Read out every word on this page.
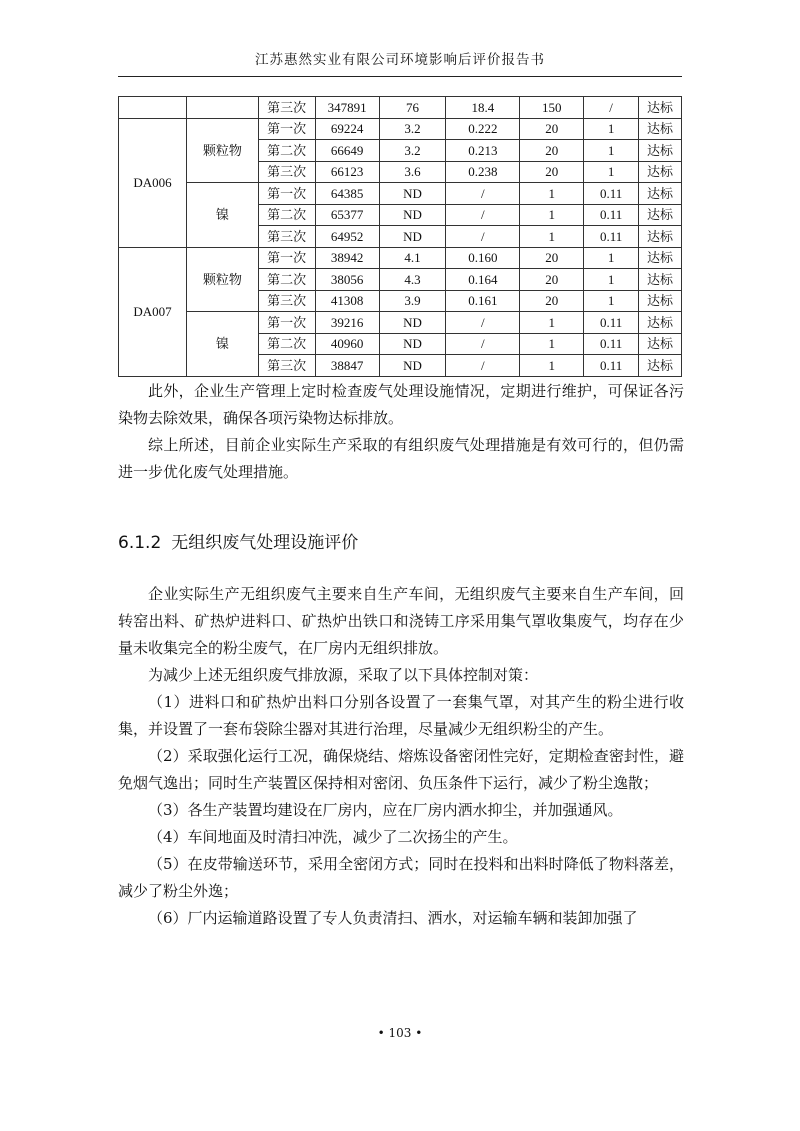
江苏惠然实业有限公司环境影响后评价报告书
		第三次	347891	76	18.4	150	/	达标
DA006	颗粒物	第一次	69224	3.2	0.222	20	1	达标
		第二次	66649	3.2	0.213	20	1	达标
		第三次	66123	3.6	0.238	20	1	达标
	镍	第一次	64385	ND	/	1	0.11	达标
		第二次	65377	ND	/	1	0.11	达标
		第三次	64952	ND	/	1	0.11	达标
DA007	颗粒物	第一次	38942	4.1	0.160	20	1	达标
		第二次	38056	4.3	0.164	20	1	达标
		第三次	41308	3.9	0.161	20	1	达标
	镍	第一次	39216	ND	/	1	0.11	达标
		第二次	40960	ND	/	1	0.11	达标
		第三次	38847	ND	/	1	0.11	达标

此外，企业生产管理上定时检查废气处理设施情况，定期进行维护，可保证各污染物去除效果，确保各项污染物达标排放。

综上所述，目前企业实际生产采取的有组织废气处理措施是有效可行的，但仍需进一步优化废气处理措施。

6.1.2 无组织废气处理设施评价

企业实际生产无组织废气主要来自生产车间，无组织废气主要来自生产车间，回转窑出料、矿热炉进料口、矿热炉出铁口和浇铸工序采用集气罩收集废气，均存在少量未收集完全的粉尘废气，在厂房内无组织排放。

为减少上述无组织废气排放源，采取了以下具体控制对策：

（1）进料口和矿热炉出料口分别各设置了一套集气罩，对其产生的粉尘进行收集，并设置了一套布袋除尘器对其进行治理，尽量减少无组织粉尘的产生。

（2）采取强化运行工况，确保烧结、熔炼设备密闭性完好，定期检查密封性，避免烟气逸出；同时生产装置区保持相对密闭、负压条件下运行，减少了粉尘逸散；

（3）各生产装置均建设在厂房内，应在厂房内洒水抑尘，并加强通风。

（4）车间地面及时清扫冲洗，减少了二次扬尘的产生。

（5）在皮带输送环节，采用全密闭方式；同时在投料和出料时降低了物料落差，减少了粉尘外逸；

（6）厂内运输道路设置了专人负责清扫、洒水，对运输车辆和装卸加强了

• 103 •
